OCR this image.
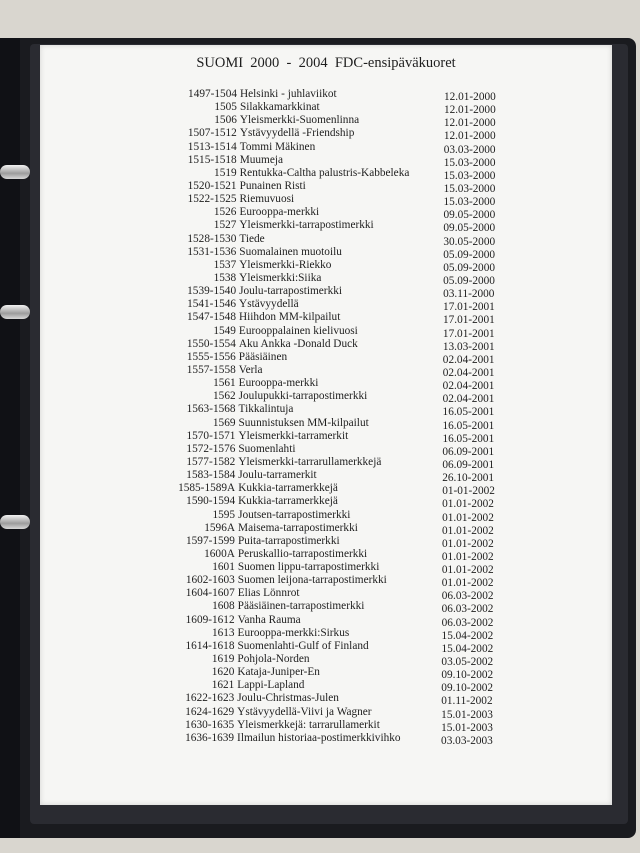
SUOMI  2000  -  2004  FDC-ensipäväkuoret
1497-1504 Helsinki - juhlaviikot	12.01-2000
1505 Silakkamarkkinat	12.01-2000
1506 Yleismerkki-Suomenlinna	12.01-2000
1507-1512 Ystävyydellä -Friendship	12.01-2000
1513-1514 Tommi Mäkinen	03.03-2000
1515-1518 Muumeja	15.03-2000
1519 Rentukka-Caltha palustris-Kabbeleka	15.03-2000
1520-1521 Punainen Risti	15.03-2000
1522-1525 Riemuvuosi	15.03-2000
1526 Eurooppa-merkki	09.05-2000
1527 Yleismerkki-tarrapostimerkki	09.05-2000
1528-1530 Tiede	30.05-2000
1531-1536 Suomalainen muotoilu	05.09-2000
1537 Yleismerkki-Riekko	05.09-2000
1538 Yleismerkki:Siika	05.09-2000
1539-1540 Joulu-tarrapostimerkki	03.11-2000
1541-1546 Ystävyydellä	17.01-2001
1547-1548 Hiihdon MM-kilpailut	17.01-2001
1549 Eurooppalainen kielivuosi	17.01-2001
1550-1554 Aku Ankka -Donald Duck	13.03-2001
1555-1556 Pääsiäinen	02.04-2001
1557-1558 Verla	02.04-2001
1561 Eurooppa-merkki	02.04-2001
1562 Joulupukki-tarrapostimerkki	02.04-2001
1563-1568 Tikkalintuja	16.05-2001
1569 Suunnistuksen MM-kilpailut	16.05-2001
1570-1571 Yleismerkki-tarramerkit	16.05-2001
1572-1576 Suomenlahti	06.09-2001
1577-1582 Yleismerkki-tarrarullamerkkejä	06.09-2001
1583-1584 Joulu-tarramerkit	26.10-2001
1585-1589A Kukkia-tarramerkkejä	01-01-2002
1590-1594 Kukkia-tarramerkkejä	01.01-2002
1595 Joutsen-tarrapostimerkki	01.01-2002
1596A Maisema-tarrapostimerkki	01.01-2002
1597-1599 Puita-tarrapostimerkki	01.01-2002
1600A Peruskallio-tarrapostimerkki	01.01-2002
1601 Suomen lippu-tarrapostimerkki	01.01-2002
1602-1603 Suomen leijona-tarrapostimerkki	01.01-2002
1604-1607 Elias Lönnrot	06.03-2002
1608 Pääsiäinen-tarrapostimerkki	06.03-2002
1609-1612 Vanha Rauma	06.03-2002
1613 Eurooppa-merkki:Sirkus	15.04-2002
1614-1618 Suomenlahti-Gulf of Finland	15.04-2002
1619 Pohjola-Norden	03.05-2002
1620 Kataja-Juniper-En	09.10-2002
1621 Lappi-Lapland	09.10-2002
1622-1623 Joulu-Christmas-Julen	01.11-2002
1624-1629 Ystävyydellä-Viivi ja Wagner	15.01-2003
1630-1635 Yleismerkkejä: tarrarullamerkit	15.01-2003
1636-1639 Ilmailun historiaa-postimerkkivihko	03.03-2003
